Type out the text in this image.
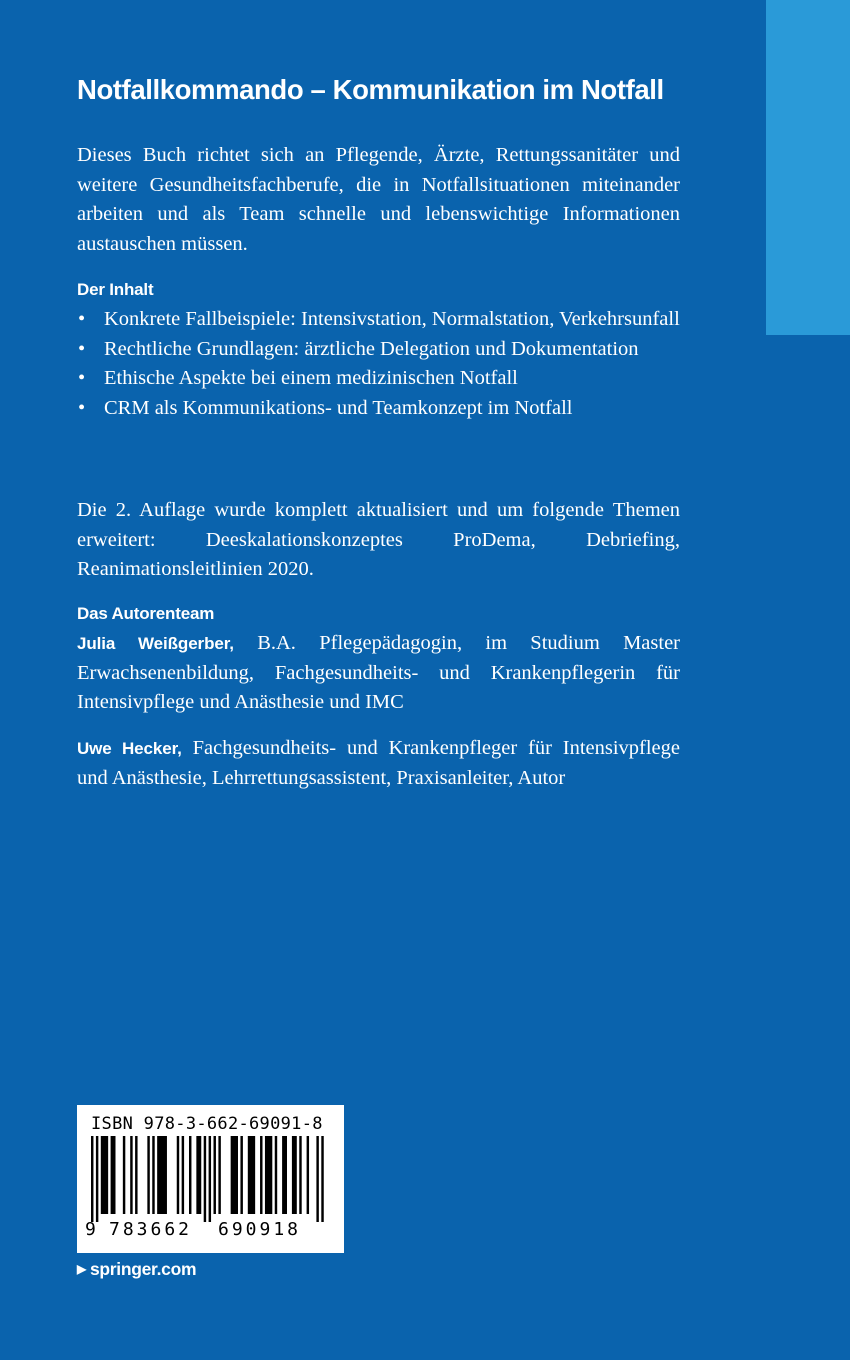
Notfallkommando – Kommunikation im Notfall
Dieses Buch richtet sich an Pflegende, Ärzte, Rettungssanitäter und weitere Gesundheitsfachberufe, die in Notfallsituationen miteinander arbeiten und als Team schnelle und lebenswichtige Informationen austauschen müssen.
Der Inhalt
• Konkrete Fallbeispiele: Intensivstation, Normalstation, Verkehrsunfall
• Rechtliche Grundlagen: ärztliche Delegation und Dokumentation
• Ethische Aspekte bei einem medizinischen Notfall
• CRM als Kommunikations- und Teamkonzept im Notfall
Die 2. Auflage wurde komplett aktualisiert und um folgende Themen erweitert: Deeskalationskonzeptes ProDema, Debriefing, Reanimationsleitlinien 2020.
Das Autorenteam
Julia Weißgerber, B.A. Pflegepädagogin, im Studium Master Erwachsenenbildung, Fachgesundheits- und Krankenpflegerin für Intensivpflege und Anästhesie und IMC
Uwe Hecker, Fachgesundheits- und Krankenpfleger für Intensivpflege und Anästhesie, Lehrrettungsassistent, Praxisanleiter, Autor
ISBN 978-3-662-69091-8
9 783662 690918
▶ springer.com
